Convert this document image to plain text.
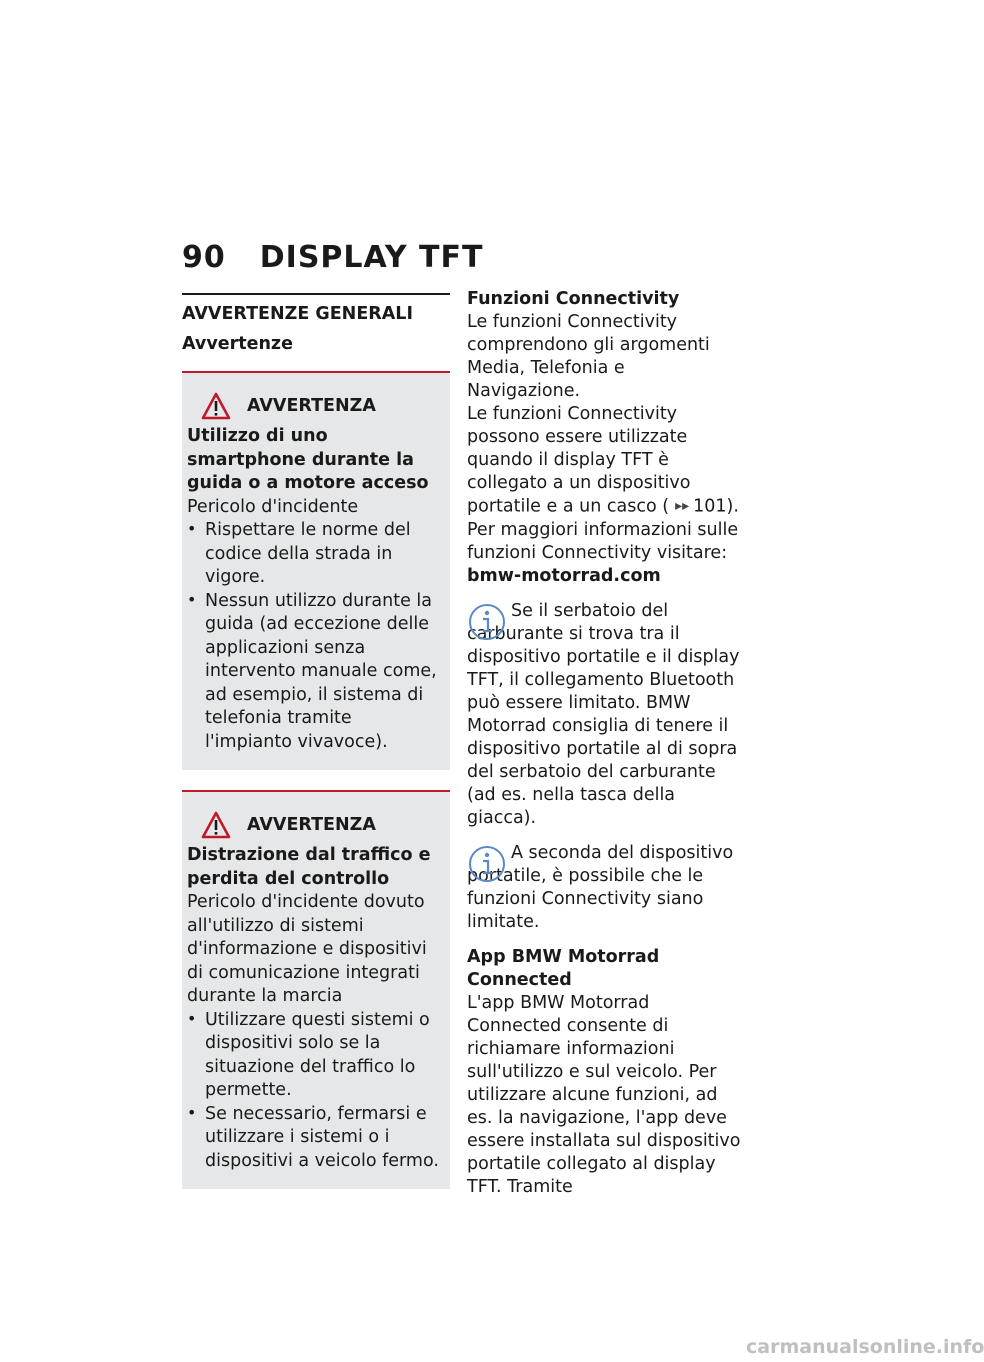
90 DISPLAY TFT
AVVERTENZE GENERALI
Avvertenze
AVVERTENZA
Utilizzo di uno smartphone durante la guida o a motore acceso
Pericolo d'incidente
• Rispettare le norme del codice della strada in vigore.
• Nessun utilizzo durante la guida (ad eccezione delle applicazioni senza intervento manuale come, ad esempio, il sistema di telefonia tramite l'impianto vivavoce).
AVVERTENZA
Distrazione dal traffico e perdita del controllo
Pericolo d'incidente dovuto all'utilizzo di sistemi d'informazione e dispositivi di comunicazione integrati durante la marcia
• Utilizzare questi sistemi o dispositivi solo se la situazione del traffico lo permette.
• Se necessario, fermarsi e utilizzare i sistemi o i dispositivi a veicolo fermo.
Funzioni Connectivity
Le funzioni Connectivity comprendono gli argomenti Media, Telefonia e Navigazione.
Le funzioni Connectivity possono essere utilizzate quando il display TFT è collegato a un dispositivo portatile e a un casco ( ▸▸ 101). Per maggiori informazioni sulle funzioni Connectivity visitare: bmw-motorrad.com
Se il serbatoio del carburante si trova tra il dispositivo portatile e il display TFT, il collegamento Bluetooth può essere limitato. BMW Motorrad consiglia di tenere il dispositivo portatile al di sopra del serbatoio del carburante (ad es. nella tasca della giacca).
A seconda del dispositivo portatile, è possibile che le funzioni Connectivity siano limitate.
App BMW Motorrad Connected
L'app BMW Motorrad Connected consente di richiamare informazioni sull'utilizzo e sul veicolo. Per utilizzare alcune funzioni, ad es. la navigazione, l'app deve essere installata sul dispositivo portatile collegato al display TFT. Tramite
carmanualsonline.info
